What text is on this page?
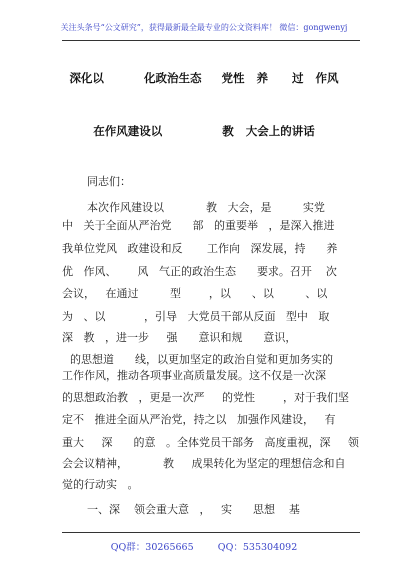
关注头条号“公文研究”，获得最新最全最专业的公文资料库！ 微信：gongwenyj
深化以          化政治生态     党性   养      过   作风
在作风建设以               教   大会上的讲话
同志们：
本次作风建设以            教   大会，是         实党
中   关于全面从严治党      部   的重要举   ，是深入推进
我单位党风   政建设和反       工作向   深发展，持      养
优   作风、      风   气正的政治生态      要求。召开    次
会议，   在通过         型        ，以      、以         、以
为   、以           ，引导   大党员干部从反面   型中   取
深   教   ，进一步     强      意识和规      意识，
的思想道      线，以更加坚定的政治自觉和更加务实的
工作作风，推动各项事业高质量发展。这不仅是一次深
的思想政治教   ，更是一次严     的党性        ，对于我们坚
定不   推进全面从严治党，持之以   加强作风建设，   有
重大     深      的意   。全体党员干部务   高度重视，深     领
会会议精神，          教     成果转化为坚定的理想信念和自
觉的行动实   。
一、深    领会重大意   ，   实      思想    基
QQ群：30265665        QQ：535304092
